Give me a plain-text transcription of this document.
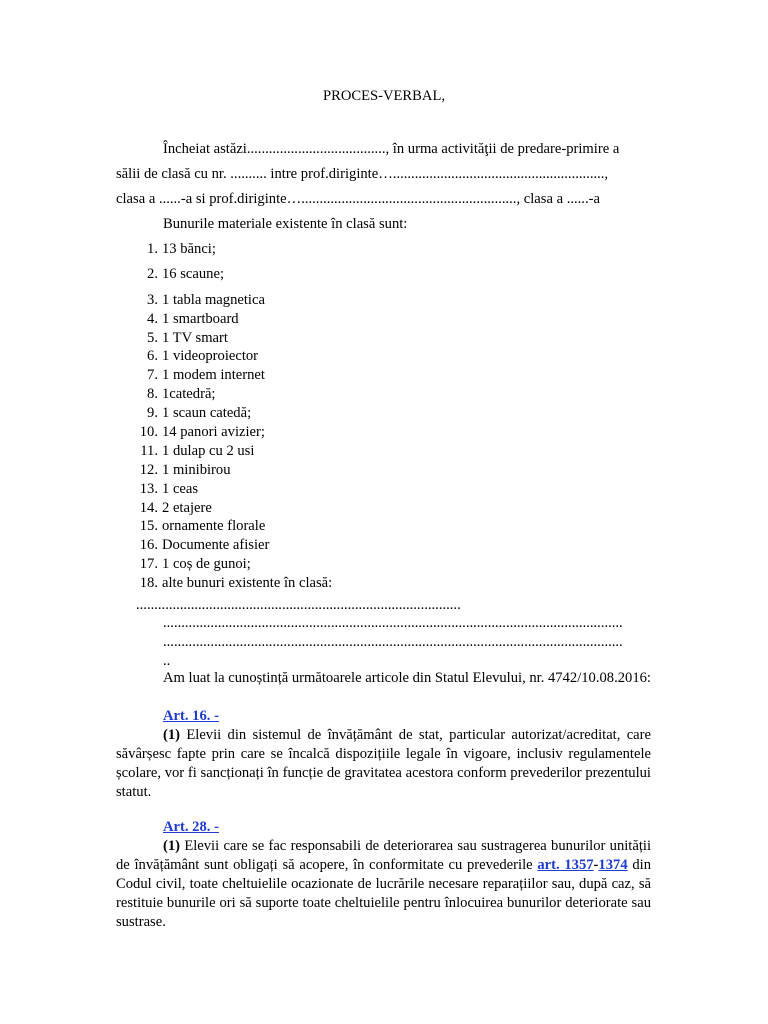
PROCES-VERBAL,
Încheiat astăzi......................................, în urma activităţii de predare-primire a
sălii de clasă cu nr. .......... intre prof.diriginte…..........................................................,
clasa a ......-a si prof.diriginte…..........................................................., clasa a ......-a
Bunurile materiale existente în clasă sunt:
1. 13 bănci;
2. 16 scaune;
3. 1 tabla magnetica
4. 1 smartboard
5. 1 TV smart
6. 1 videoproiector
7. 1 modem internet
8. 1catedră;
9. 1 scaun catedă;
10. 14 panori avizier;
11. 1 dulap cu 2 usi
12. 1 minibirou
13. 1 ceas
14. 2 etajere
15. ornamente florale
16. Documente afisier
17. 1 coș de gunoi;
18. alte bunuri existente în clasă:
.........................................................................................
..............................................................................................................................
..............................................................................................................................
..
Am luat la cunoștință următoarele articole din Statul Elevului, nr. 4742/10.08.2016:
Art. 16. -

(1) Elevii din sistemul de învățământ de stat, particular autorizat/acreditat, care săvârșesc fapte prin care se încalcă dispozițiile legale în vigoare, inclusiv regulamentele școlare, vor fi sancționați în funcție de gravitatea acestora conform prevederilor prezentului statut.

Art. 28. -

(1) Elevii care se fac responsabili de deteriorarea sau sustragerea bunurilor unității de învățământ sunt obligați să acopere, în conformitate cu prevederile art. 1357-1374 din Codul civil, toate cheltuielile ocazionate de lucrările necesare reparațiilor sau, după caz, să restituie bunurile ori să suporte toate cheltuielile pentru înlocuirea bunurilor deteriorate sau sustrase.
